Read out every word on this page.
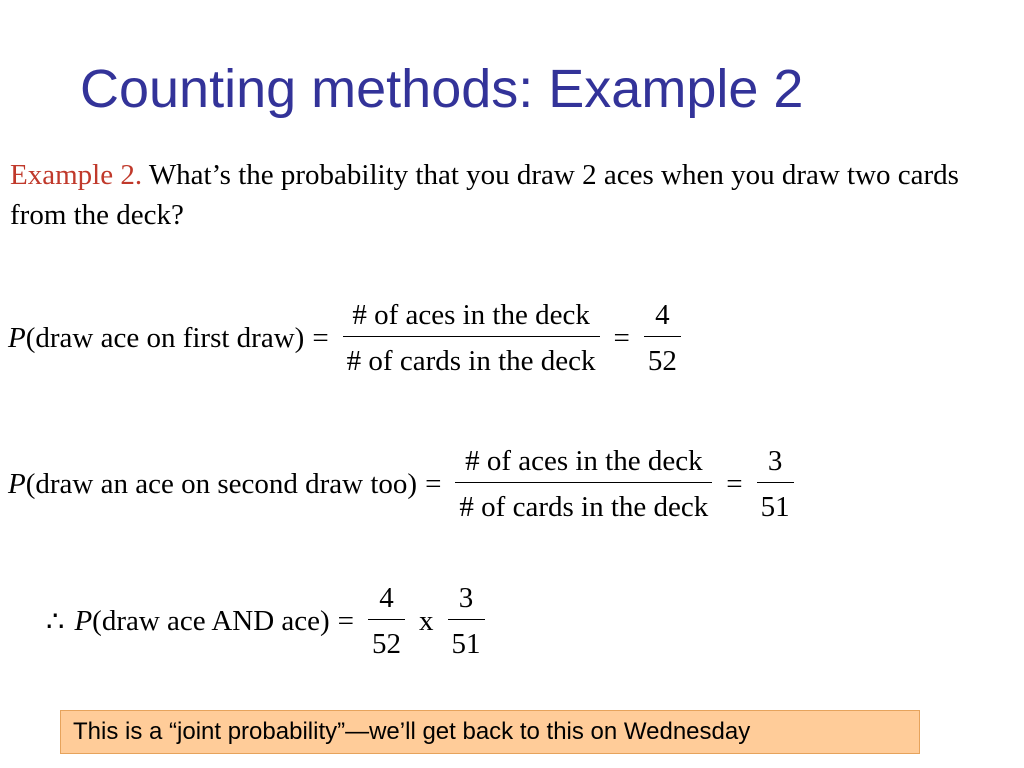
Counting methods: Example 2

Example 2. What’s the probability that you draw 2 aces when you draw two cards from the deck?

P (draw ace on first draw) = $\frac{\text{\# of aces in the deck}}{\text{\# of cards in the deck}} = \frac{4}{52}$
P (draw an ace on second draw $too) = \frac{\text{\# of aces in the deck}}{\text{\# of cards in the deck}} = \frac{3}{51}$
∴ P (draw ace AND $ace) = \frac{4}{52}$ x $\frac{3}{51}$
This is a “joint probability”—we’ll get back to this on Wednesday
